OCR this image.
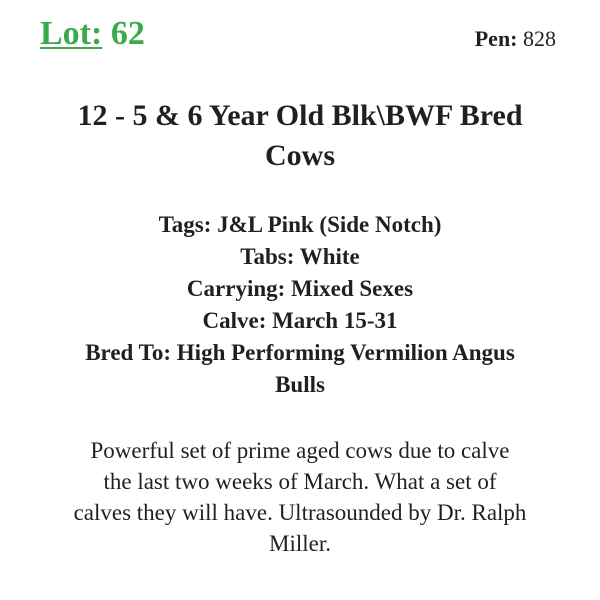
Lot: 62	Pen: 828
12 - 5 & 6 Year Old Blk\BWF Bred
Cows
Tags: J&L Pink (Side Notch)
Tabs: White
Carrying: Mixed Sexes
Calve: March 15-31
Bred To: High Performing Vermilion Angus
Bulls
Powerful set of prime aged cows due to calve
the last two weeks of March. What a set of
calves they will have. Ultrasounded by Dr. Ralph
Miller.
